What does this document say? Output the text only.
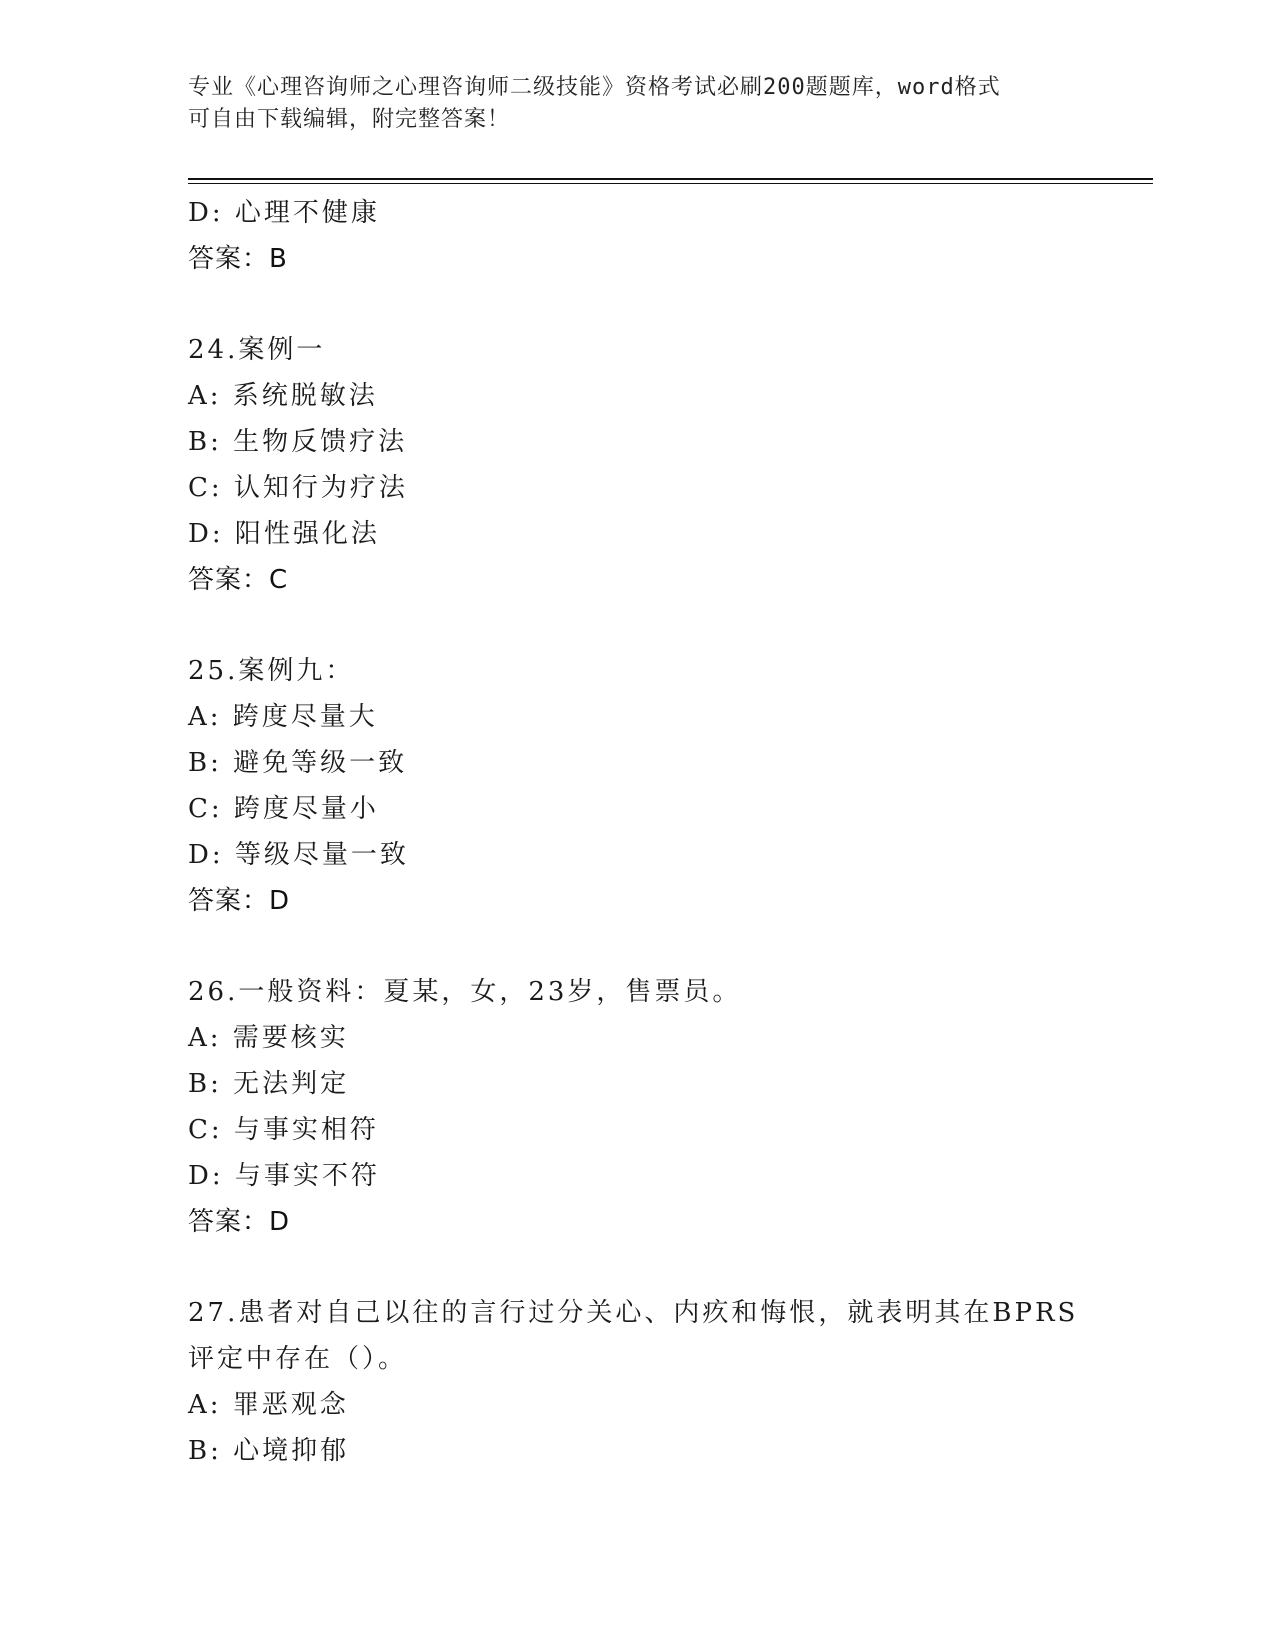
专业《心理咨询师之心理咨询师二级技能》资格考试必刷200题题库，word格式
可自由下载编辑，附完整答案！
D: 心理不健康
答案：B
24.案例一
A: 系统脱敏法
B: 生物反馈疗法
C: 认知行为疗法
D: 阳性强化法
答案：C
25.案例九：
A: 跨度尽量大
B: 避免等级一致
C: 跨度尽量小
D: 等级尽量一致
答案：D
26.一般资料：夏某，女，23岁，售票员。
A: 需要核实
B: 无法判定
C: 与事实相符
D: 与事实不符
答案：D
27.患者对自己以往的言行过分关心、内疚和悔恨，就表明其在BPRS
评定中存在（）。
A: 罪恶观念
B: 心境抑郁
